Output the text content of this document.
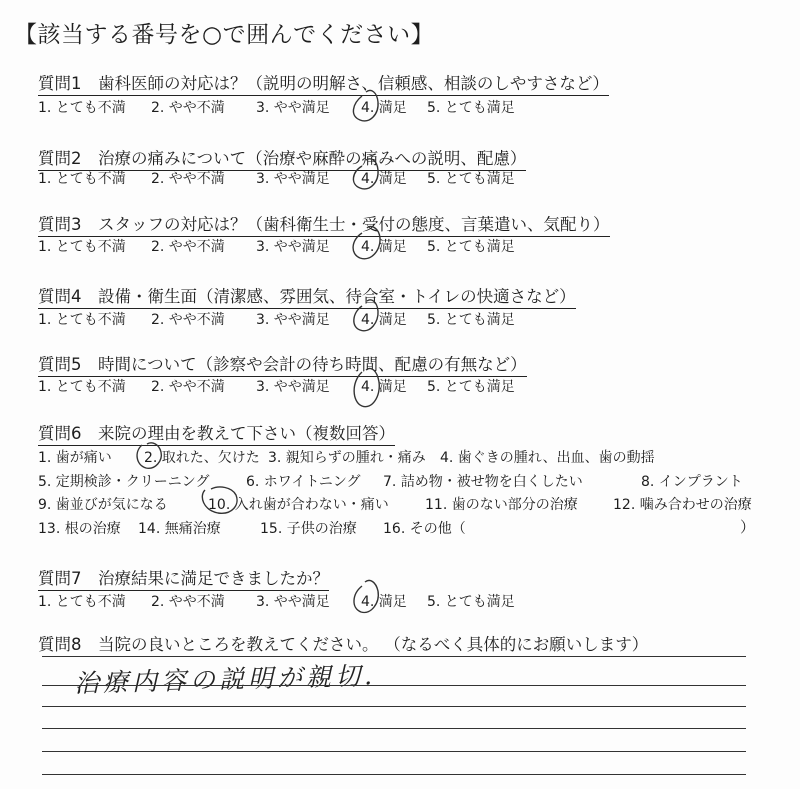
【該当する番号を○で囲んでください】
質問1　歯科医師の対応は？（説明の明解さ、信頼感、相談のしやすさなど）
1. とても不満 2. やや不満 3. やや満足 4. 満足 5. とても満足
質問2　治療の痛みについて（治療や麻酔の痛みへの説明、配慮）
1. とても不満 2. やや不満 3. やや満足 4. 満足 5. とても満足
質問3　スタッフの対応は？（歯科衛生士・受付の態度、言葉遣い、気配り）
1. とても不満 2. やや不満 3. やや満足 4. 満足 5. とても満足
質問4　設備・衛生面（清潔感、雰囲気、待合室・トイレの快適さなど）
1. とても不満 2. やや不満 3. やや満足 4. 満足 5. とても満足
質問5　時間について（診察や会計の待ち時間、配慮の有無など）
1. とても不満 2. やや不満 3. やや満足 4. 満足 5. とても満足
質問6　来院の理由を教えて下さい（複数回答）
1. 歯が痛い 2. 取れた、欠けた 3. 親知らずの腫れ・痛み 4. 歯ぐきの腫れ、出血、歯の動揺
5. 定期検診・クリーニング	6. ホワイトニング 7. 詰め物・被せ物を白くしたい	8. インプラント
9. 歯並びが気になる	10. 入れ歯が合わない・痛い	11. 歯のない部分の治療	12. 噛み合わせの治療
13. 根の治療 14. 無痛治療	15. 子供の治療 16. その他（	）
質問7　治療結果に満足できましたか？
1. とても不満 2. やや不満 3. やや満足 4. 満足 5. とても満足
質問8　当院の良いところを教えてください。 （なるべく具体的にお願いします）
治療内容の説明が親切.
